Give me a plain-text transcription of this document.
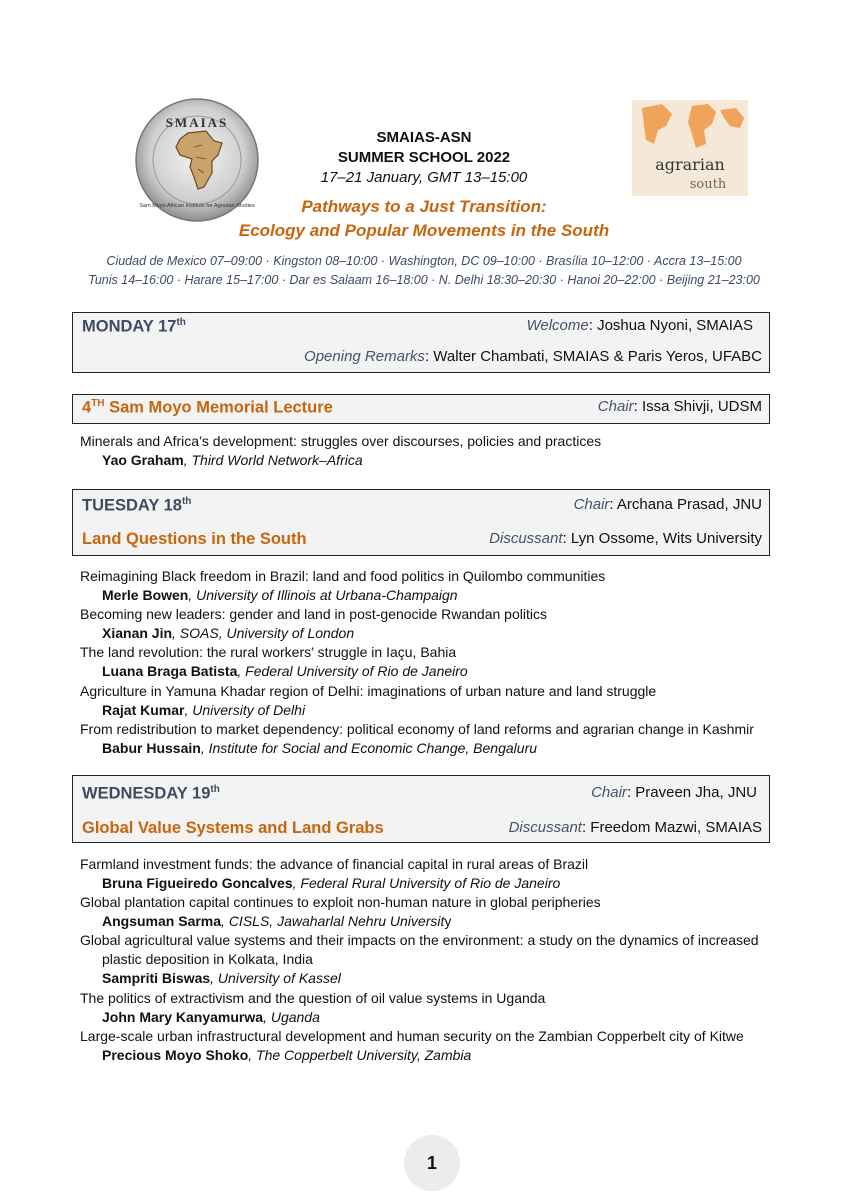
SMAIAS
Sam Moyo African Institute for Agrarian Studies
agrarian
south
SMAIAS-ASN
SUMMER SCHOOL 2022
17–21 January, GMT 13–15:00
Pathways to a Just Transition:
Ecology and Popular Movements in the South
Ciudad de Mexico 07–09:00 · Kingston 08–10:00 · Washington, DC 09–10:00 · Brasília 10–12:00 · Accra 13–15:00
Tunis 14–16:00 · Harare 15–17:00 · Dar es Salaam 16–18:00 · N. Delhi 18:30–20:30 · Hanoi 20–22:00 · Beijing 21–23:00
MONDAY 17th	Welcome: Joshua Nyoni, SMAIAS
Opening Remarks: Walter Chambati, SMAIAS & Paris Yeros, UFABC
4TH Sam Moyo Memorial Lecture	Chair: Issa Shivji, UDSM
Minerals and Africa’s development: struggles over discourses, policies and practices
Yao Graham, Third World Network–Africa
TUESDAY 18th	Chair: Archana Prasad, JNU
Land Questions in the South	Discussant: Lyn Ossome, Wits University
Reimagining Black freedom in Brazil: land and food politics in Quilombo communities
Merle Bowen, University of Illinois at Urbana-Champaign
Becoming new leaders: gender and land in post-genocide Rwandan politics
Xianan Jin, SOAS, University of London
The land revolution: the rural workers’ struggle in Iaçu, Bahia
Luana Braga Batista, Federal University of Rio de Janeiro
Agriculture in Yamuna Khadar region of Delhi: imaginations of urban nature and land struggle
Rajat Kumar, University of Delhi
From redistribution to market dependency: political economy of land reforms and agrarian change in Kashmir
Babur Hussain, Institute for Social and Economic Change, Bengaluru
WEDNESDAY 19th	Chair: Praveen Jha, JNU
Global Value Systems and Land Grabs	Discussant: Freedom Mazwi, SMAIAS
Farmland investment funds: the advance of financial capital in rural areas of Brazil
Bruna Figueiredo Goncalves, Federal Rural University of Rio de Janeiro
Global plantation capital continues to exploit non-human nature in global peripheries
Angsuman Sarma, CISLS, Jawaharlal Nehru University
Global agricultural value systems and their impacts on the environment: a study on the dynamics of increased
plastic deposition in Kolkata, India
Sampriti Biswas, University of Kassel
The politics of extractivism and the question of oil value systems in Uganda
John Mary Kanyamurwa, Uganda
Large-scale urban infrastructural development and human security on the Zambian Copperbelt city of Kitwe
Precious Moyo Shoko, The Copperbelt University, Zambia
1
